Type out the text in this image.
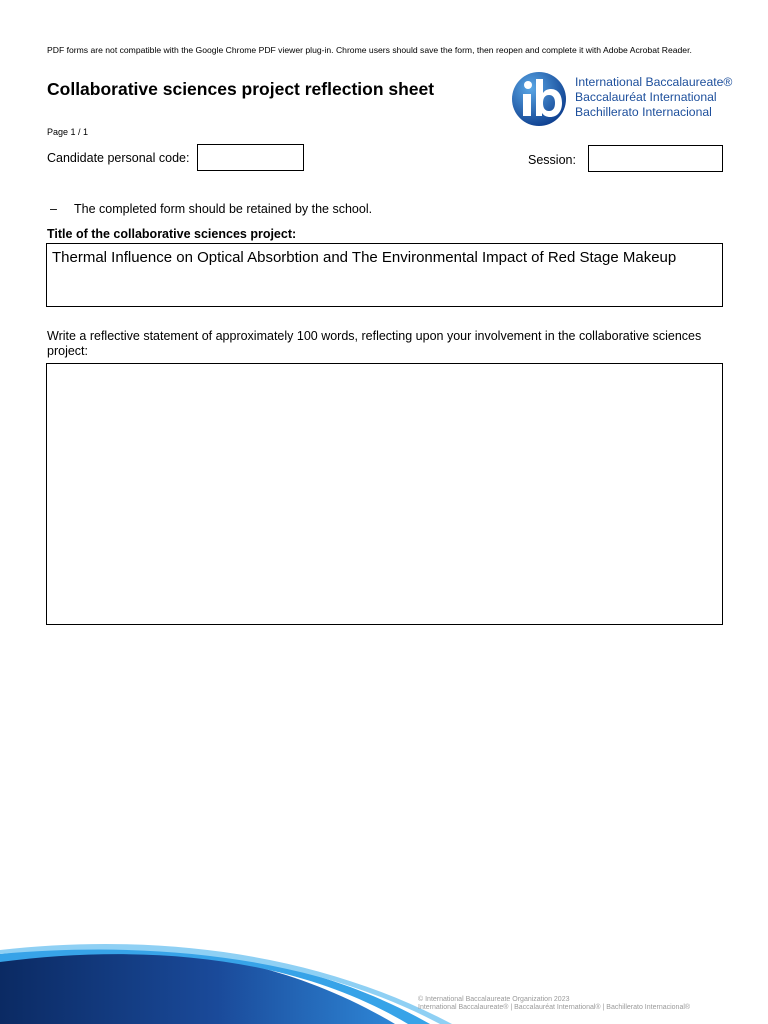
PDF forms are not compatible with the Google Chrome PDF viewer plug-in. Chrome users should save the form, then reopen and complete it with Adobe Acrobat Reader.
Collaborative sciences project reflection sheet	International Baccalaureate®
Baccalauréat International
Bachillerato Internacional
Page 1 / 1
Candidate personal code:	Session:
– The completed form should be retained by the school.
Title of the collaborative sciences project:
Thermal Influence on Optical Absorbtion and The Environmental Impact of Red Stage Makeup
Write a reflective statement of approximately 100 words, reflecting upon your involvement in the collaborative sciences project:
© International Baccalaureate Organization 2023
International Baccalaureate® | Baccalauréat International® | Bachillerato Internacional®
